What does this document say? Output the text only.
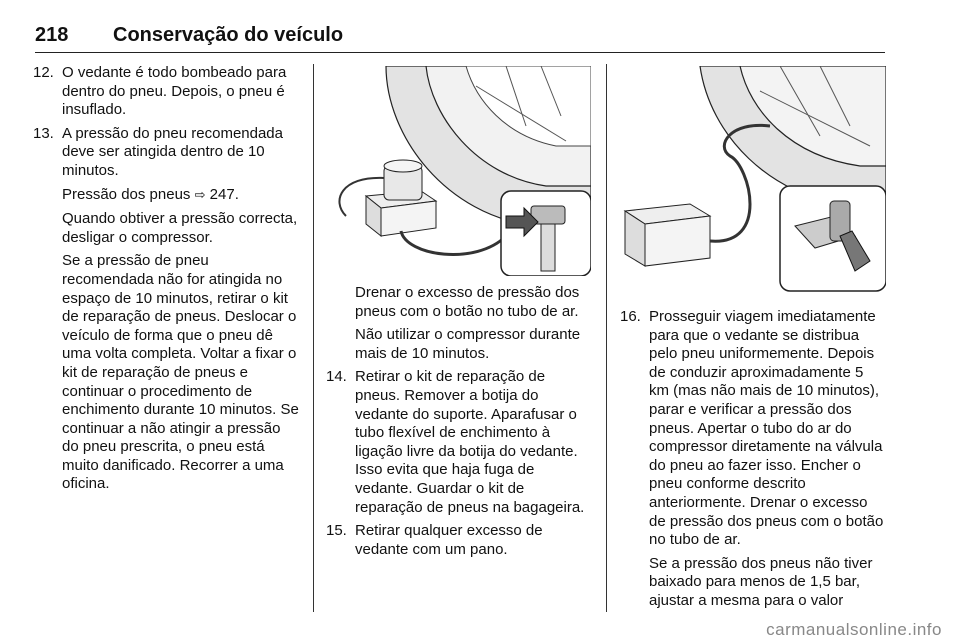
218 Conservação do veículo
12. O vedante é todo bombeado para dentro do pneu. Depois, o pneu é insuflado.
13. A pressão do pneu recomendada deve ser atingida dentro de 10 minutos.
Pressão dos pneus ⇨ 247.
Quando obtiver a pressão correcta, desligar o compressor.
Se a pressão de pneu recomendada não for atingida no espaço de 10 minutos, retirar o kit de reparação de pneus. Deslocar o veículo de forma que o pneu dê uma volta completa. Voltar a fixar o kit de reparação de pneus e continuar o procedimento de enchimento durante 10 minutos. Se continuar a não atingir a pressão do pneu prescrita, o pneu está muito danificado. Recorrer a uma oficina.
Drenar o excesso de pressão dos pneus com o botão no tubo de ar.
Não utilizar o compressor durante mais de 10 minutos.
14. Retirar o kit de reparação de pneus. Remover a botija do vedante do suporte. Aparafusar o tubo flexível de enchimento à ligação livre da botija do vedante. Isso evita que haja fuga de vedante. Guardar o kit de reparação de pneus na bagageira.
15. Retirar qualquer excesso de vedante com um pano.
16. Prosseguir viagem imediatamente para que o vedante se distribua pelo pneu uniformemente. Depois de conduzir aproximadamente 5 km (mas não mais de 10 minutos), parar e verificar a pressão dos pneus. Apertar o tubo do ar do compressor diretamente na válvula do pneu ao fazer isso. Encher o pneu conforme descrito anteriormente. Drenar o excesso de pressão dos pneus com o botão no tubo de ar.
Se a pressão dos pneus não tiver baixado para menos de 1,5 bar, ajustar a mesma para o valor
carmanualsonline.info
